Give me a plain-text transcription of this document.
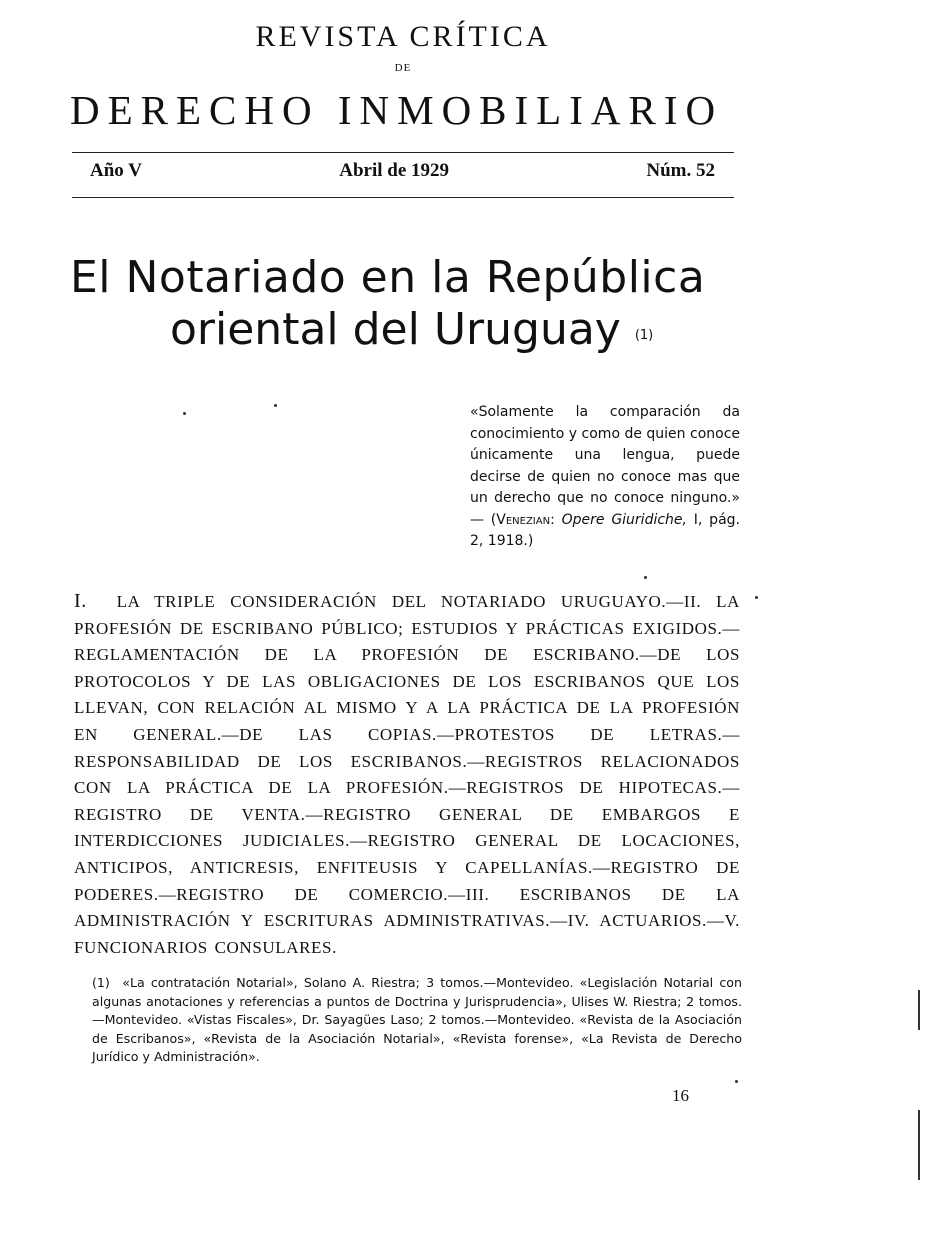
REVISTA CRÍTICA
DE
DERECHO INMOBILIARIO
Año V	Abril de 1929	Núm. 52
El Notariado en la República
oriental del Uruguay $^{(1)}$
«Solamente la comparación da conocimiento y como de quien conoce únicamente una lengua, puede decirse de quien no conoce mas que un derecho que no conoce ninguno.» — (Venezian: Opere Giuridiche, I, pág. 2, 1918.)
I. LA TRIPLE CONSIDERACIÓN DEL NOTARIADO URUGUAYO.—II. LA PROFESIÓN DE ESCRIBANO PÚBLICO; ESTUDIOS Y PRÁCTICAS EXIGIDOS.—REGLAMENTACIÓN DE LA PROFESIÓN DE ESCRIBANO.—DE LOS PROTOCOLOS Y DE LAS OBLIGACIONES DE LOS ESCRIBANOS QUE LOS LLEVAN, CON RELACIÓN AL MISMO Y A LA PRÁCTICA DE LA PROFESIÓN EN GENERAL.—DE LAS COPIAS.—PROTESTOS DE LETRAS.—RESPONSABILIDAD DE LOS ESCRIBANOS.—REGISTROS RELACIONADOS CON LA PRÁCTICA DE LA PROFESIÓN.—REGISTROS DE HIPOTECAS.—REGISTRO DE VENTA.—REGISTRO GENERAL DE EMBARGOS E INTERDICCIONES JUDICIALES.—REGISTRO GENERAL DE LOCACIONES, ANTICIPOS, ANTICRESIS, ENFITEUSIS Y CAPELLANÍAS.—REGISTRO DE PODERES.—REGISTRO DE COMERCIO.—III. ESCRIBANOS DE LA ADMINISTRACIÓN Y ESCRITURAS ADMINISTRATIVAS.—IV. ACTUARIOS.—V. FUNCIONARIOS CONSULARES.
(1) «La contratación Notarial», Solano A. Riestra; 3 tomos.—Montevideo. «Legislación Notarial con algunas anotaciones y referencias a puntos de Doctrina y Jurisprudencia», Ulises W. Riestra; 2 tomos.—Montevideo. «Vistas Fiscales», Dr. Sayagües Laso; 2 tomos.—Montevideo. «Revista de la Asociación de Escribanos», «Revista de la Asociación Notarial», «Revista forense», «La Revista de Derecho Jurídico y Administración».
16
